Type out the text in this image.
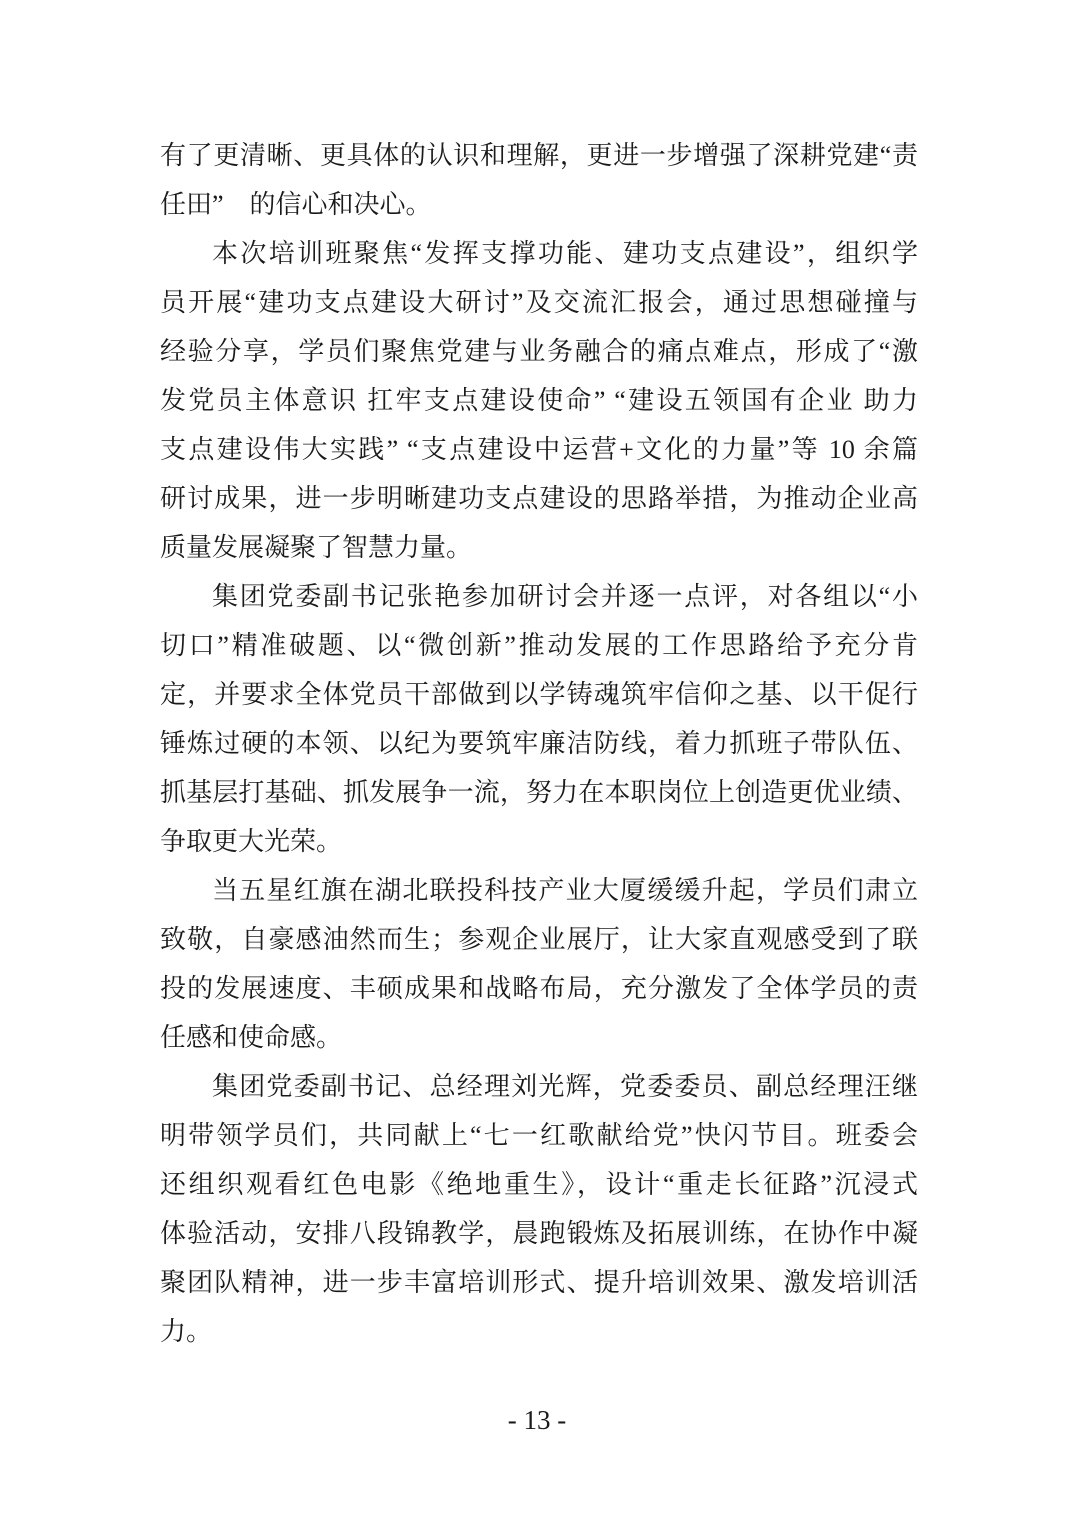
有了更清晰、更具体的认识和理解，更进一步增强了深耕党建“责
任田”　的信心和决心。
本次培训班聚焦“发挥支撑功能、建功支点建设”，组织学
员开展“建功支点建设大研讨”及交流汇报会，通过思想碰撞与
经验分享，学员们聚焦党建与业务融合的痛点难点，形成了“激
发党员主体意识 扛牢支点建设使命” “建设五领国有企业 助力
支点建设伟大实践” “支点建设中运营+文化的力量”等 10 余篇
研讨成果，进一步明晰建功支点建设的思路举措，为推动企业高
质量发展凝聚了智慧力量。
集团党委副书记张艳参加研讨会并逐一点评，对各组以“小
切口”精准破题、以“微创新”推动发展的工作思路给予充分肯
定，并要求全体党员干部做到以学铸魂筑牢信仰之基、以干促行
锤炼过硬的本领、以纪为要筑牢廉洁防线，着力抓班子带队伍、
抓基层打基础、抓发展争一流，努力在本职岗位上创造更优业绩、
争取更大光荣。
当五星红旗在湖北联投科技产业大厦缓缓升起，学员们肃立
致敬，自豪感油然而生；参观企业展厅，让大家直观感受到了联
投的发展速度、丰硕成果和战略布局，充分激发了全体学员的责
任感和使命感。
集团党委副书记、总经理刘光辉，党委委员、副总经理汪继
明带领学员们，共同献上“七一红歌献给党”快闪节目。班委会
还组织观看红色电影《绝地重生》，设计“重走长征路”沉浸式
体验活动，安排八段锦教学，晨跑锻炼及拓展训练，在协作中凝
聚团队精神，进一步丰富培训形式、提升培训效果、激发培训活
力。
- 13 -
